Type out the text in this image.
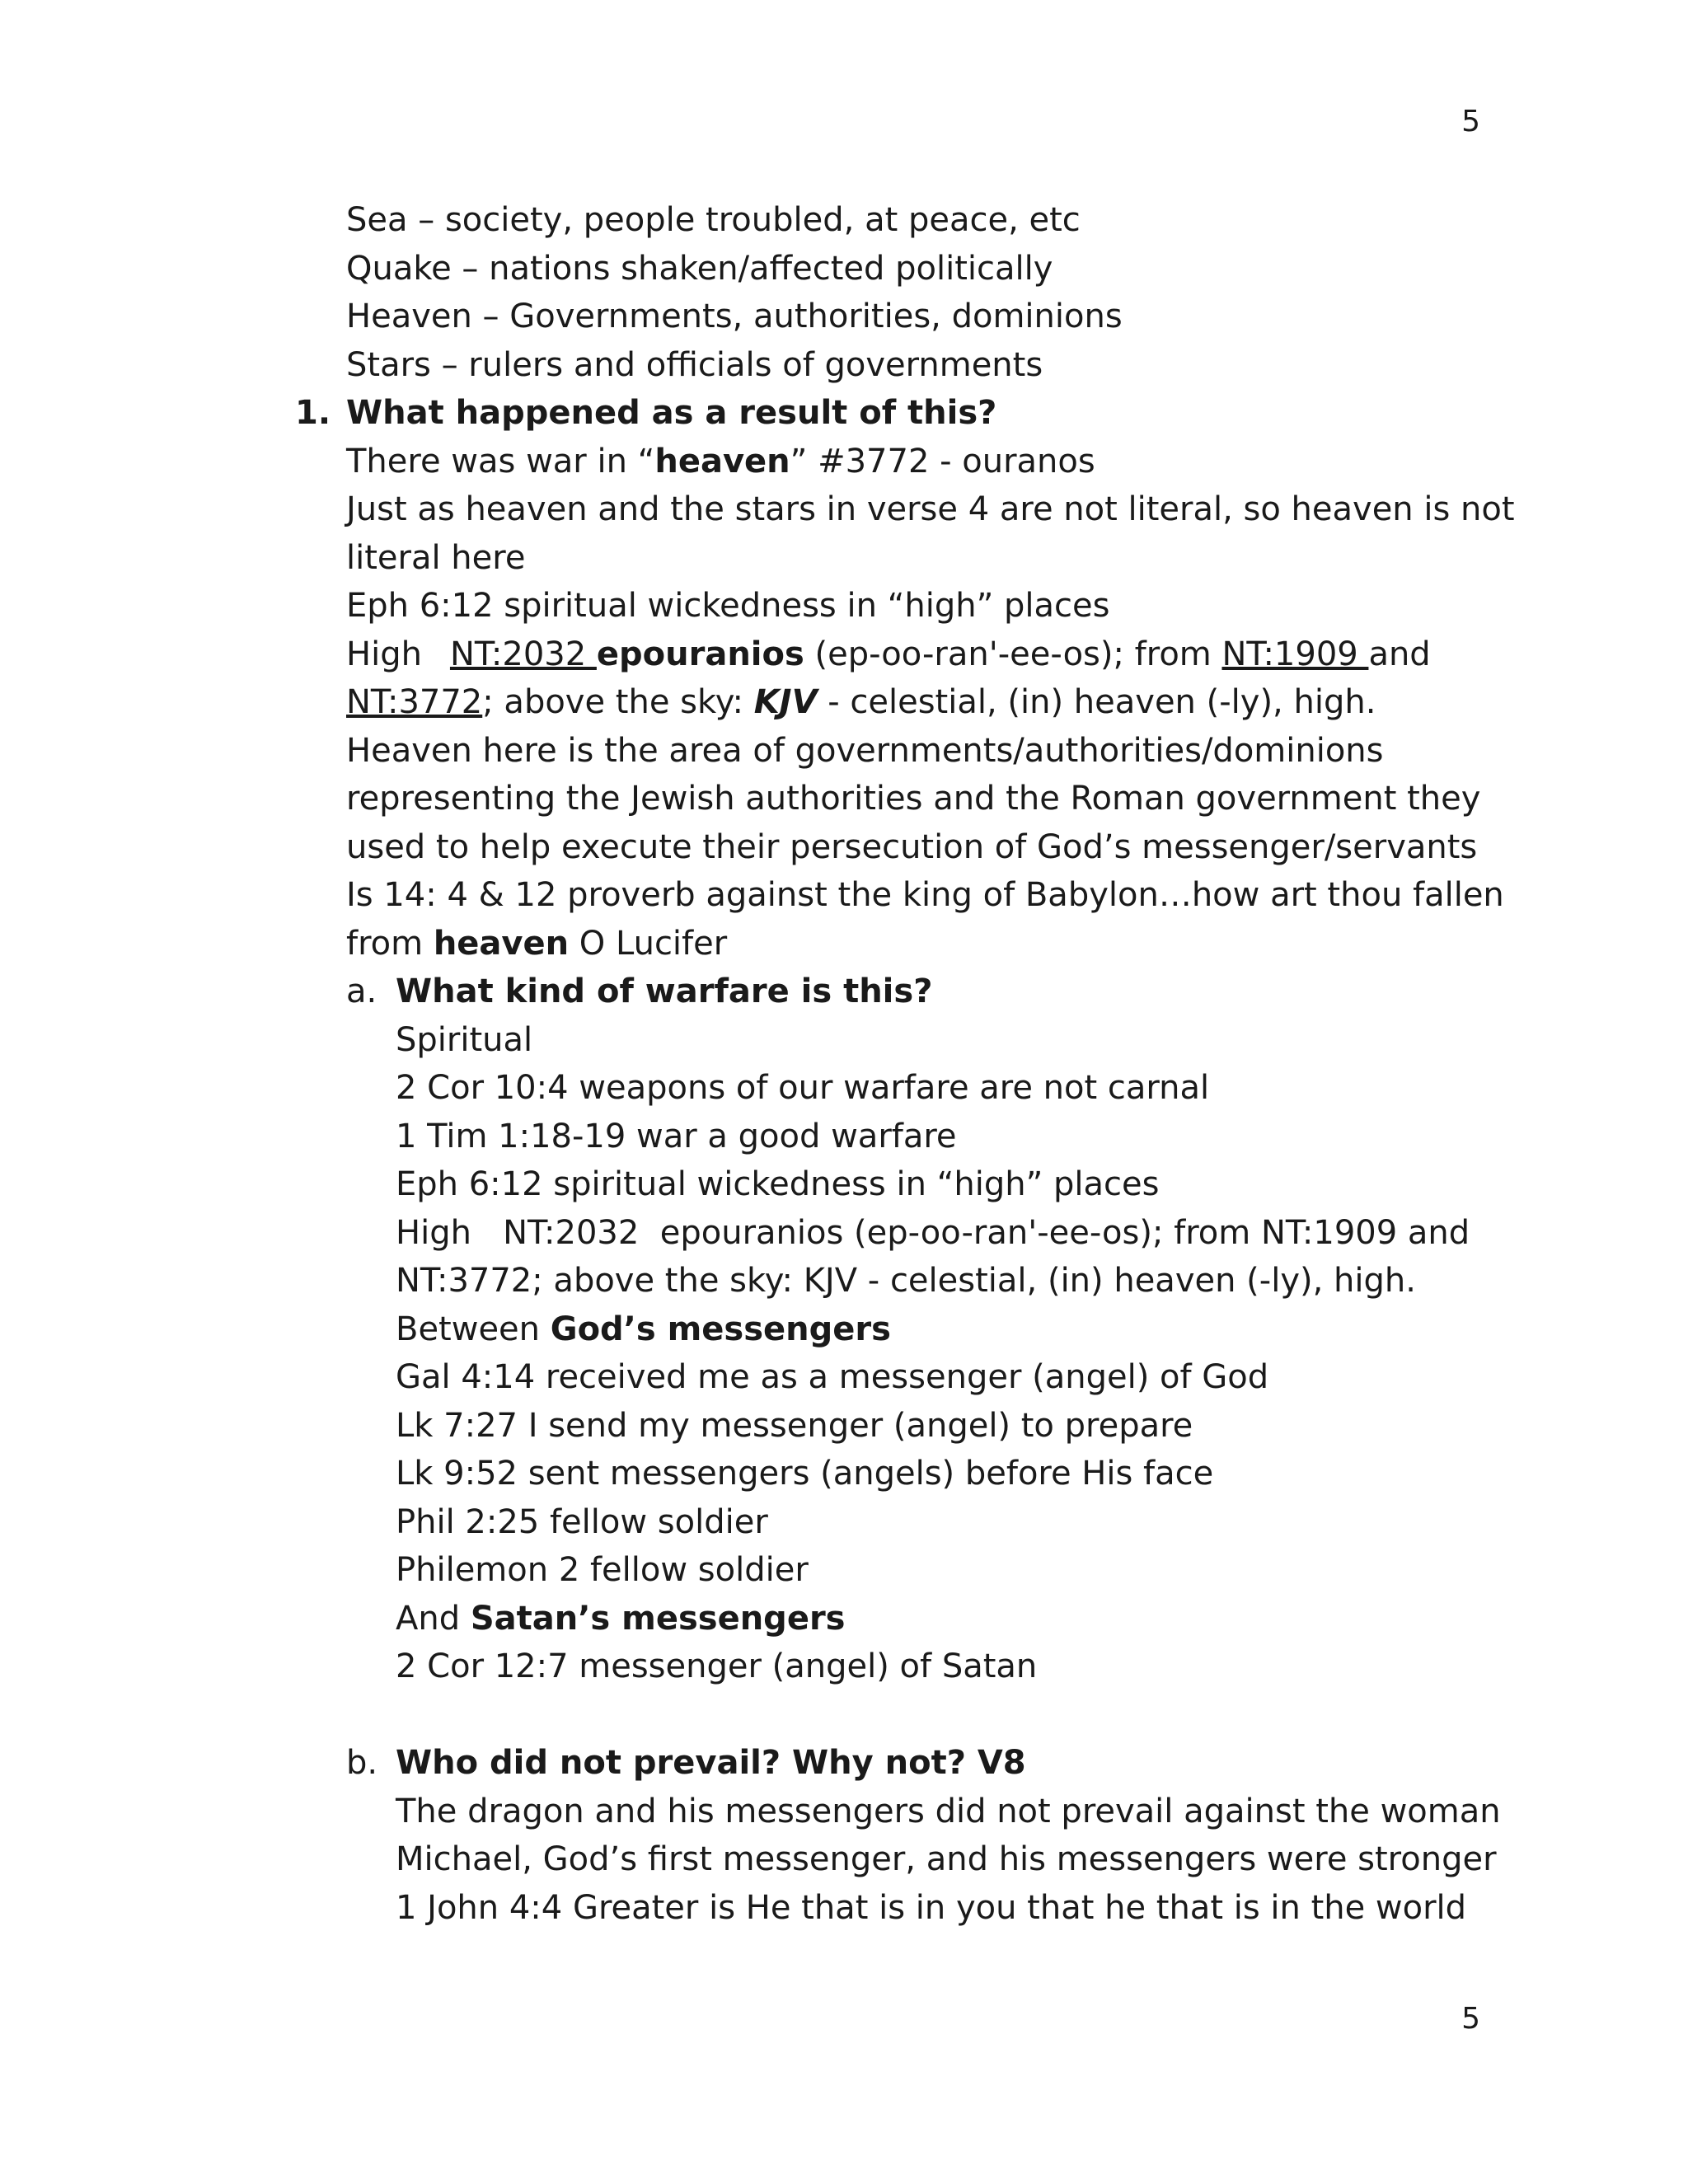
5
Sea – society, people troubled, at peace, etc
Quake – nations shaken/affected politically
Heaven – Governments, authorities, dominions
Stars – rulers and officials of governments
1. What happened as a result of this?
There was war in “heaven” #3772 - ouranos
Just as heaven and the stars in verse 4 are not literal, so heaven is not
literal here
Eph 6:12 spiritual wickedness in “high” places
High NT:2032 epouranios (ep-oo-ran'-ee-os); from NT:1909 and
NT:3772; above the sky: KJV - celestial, (in) heaven (-ly), high.
Heaven here is the area of governments/authorities/dominions
representing the Jewish authorities and the Roman government they
used to help execute their persecution of God’s messenger/servants
Is 14: 4 & 12 proverb against the king of Babylon…how art thou fallen
from heaven O Lucifer
a. What kind of warfare is this?
Spiritual
2 Cor 10:4 weapons of our warfare are not carnal
1 Tim 1:18-19 war a good warfare
Eph 6:12 spiritual wickedness in “high” places
High   NT:2032  epouranios (ep-oo-ran'-ee-os); from NT:1909 and
NT:3772; above the sky: KJV - celestial, (in) heaven (-ly), high.
Between God’s messengers
Gal 4:14 received me as a messenger (angel) of God
Lk 7:27 I send my messenger (angel) to prepare
Lk 9:52 sent messengers (angels) before His face
Phil 2:25 fellow soldier
Philemon 2 fellow soldier
And Satan’s messengers
2 Cor 12:7 messenger (angel) of Satan
b. Who did not prevail? Why not? V8
The dragon and his messengers did not prevail against the woman
Michael, God’s first messenger, and his messengers were stronger
1 John 4:4 Greater is He that is in you that he that is in the world
5
